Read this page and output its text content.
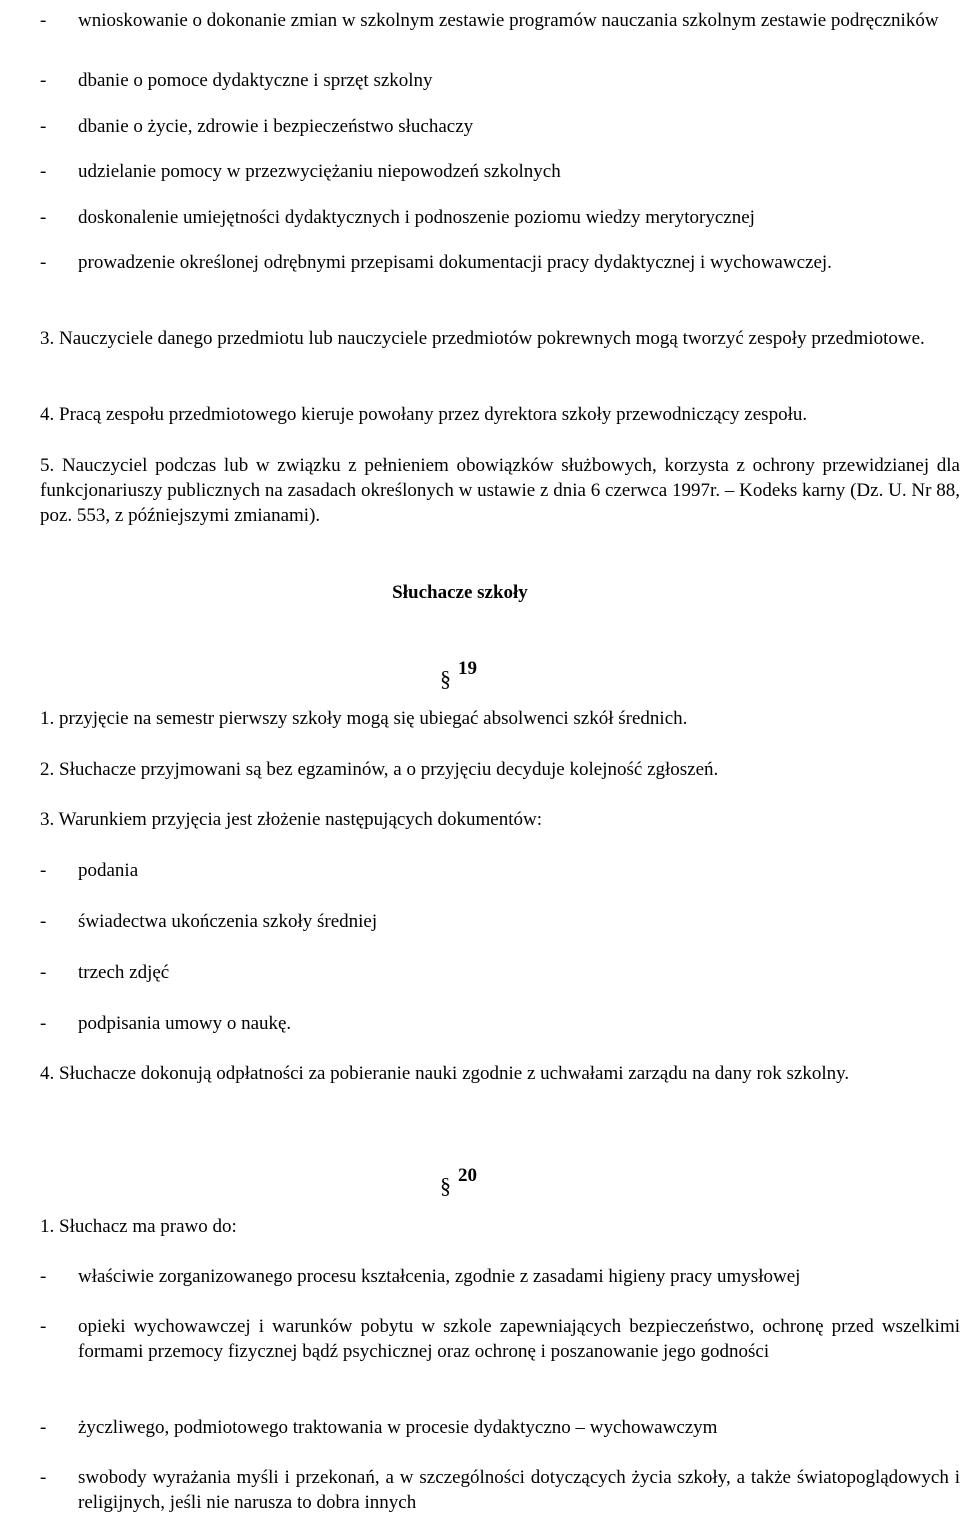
- wnioskowanie o dokonanie zmian w szkolnym zestawie programów nauczania szkolnym zestawie podręczników
- dbanie o pomoce dydaktyczne i sprzęt szkolny
- dbanie o życie, zdrowie i bezpieczeństwo słuchaczy
- udzielanie pomocy w przezwyciężaniu niepowodzeń szkolnych
- doskonalenie umiejętności dydaktycznych i podnoszenie poziomu wiedzy merytorycznej
- prowadzenie określonej odrębnymi przepisami dokumentacji pracy dydaktycznej i wychowawczej.
3. Nauczyciele danego przedmiotu lub nauczyciele przedmiotów pokrewnych mogą tworzyć zespoły przedmiotowe.
4. Pracą zespołu przedmiotowego kieruje powołany przez dyrektora szkoły przewodniczący zespołu.
5. Nauczyciel podczas lub w związku z pełnieniem obowiązków służbowych, korzysta z ochrony przewidzianej dla funkcjonariuszy publicznych na zasadach określonych w ustawie z dnia 6 czerwca 1997r. – Kodeks karny (Dz. U. Nr 88, poz. 553, z późniejszymi zmianami).
Słuchacze szkoły
§ 19
1. przyjęcie na semestr pierwszy szkoły mogą się ubiegać absolwenci szkół średnich.
2. Słuchacze przyjmowani są bez egzaminów, a o przyjęciu decyduje kolejność zgłoszeń.
3. Warunkiem przyjęcia jest złożenie następujących dokumentów:
- podania
- świadectwa ukończenia szkoły średniej
- trzech zdjęć
- podpisania umowy o naukę.
4. Słuchacze dokonują odpłatności za pobieranie nauki zgodnie z uchwałami zarządu na dany rok szkolny.
§ 20
1. Słuchacz ma prawo do:
- właściwie zorganizowanego procesu kształcenia, zgodnie z zasadami higieny pracy umysłowej
- opieki wychowawczej i warunków pobytu w szkole zapewniających bezpieczeństwo, ochronę przed wszelkimi formami przemocy fizycznej bądź psychicznej oraz ochronę i poszanowanie jego godności
- życzliwego, podmiotowego traktowania w procesie dydaktyczno – wychowawczym
- swobody wyrażania myśli i przekonań, a w szczególności dotyczących życia szkoły, a także światopoglądowych i religijnych, jeśli nie narusza to dobra innych
